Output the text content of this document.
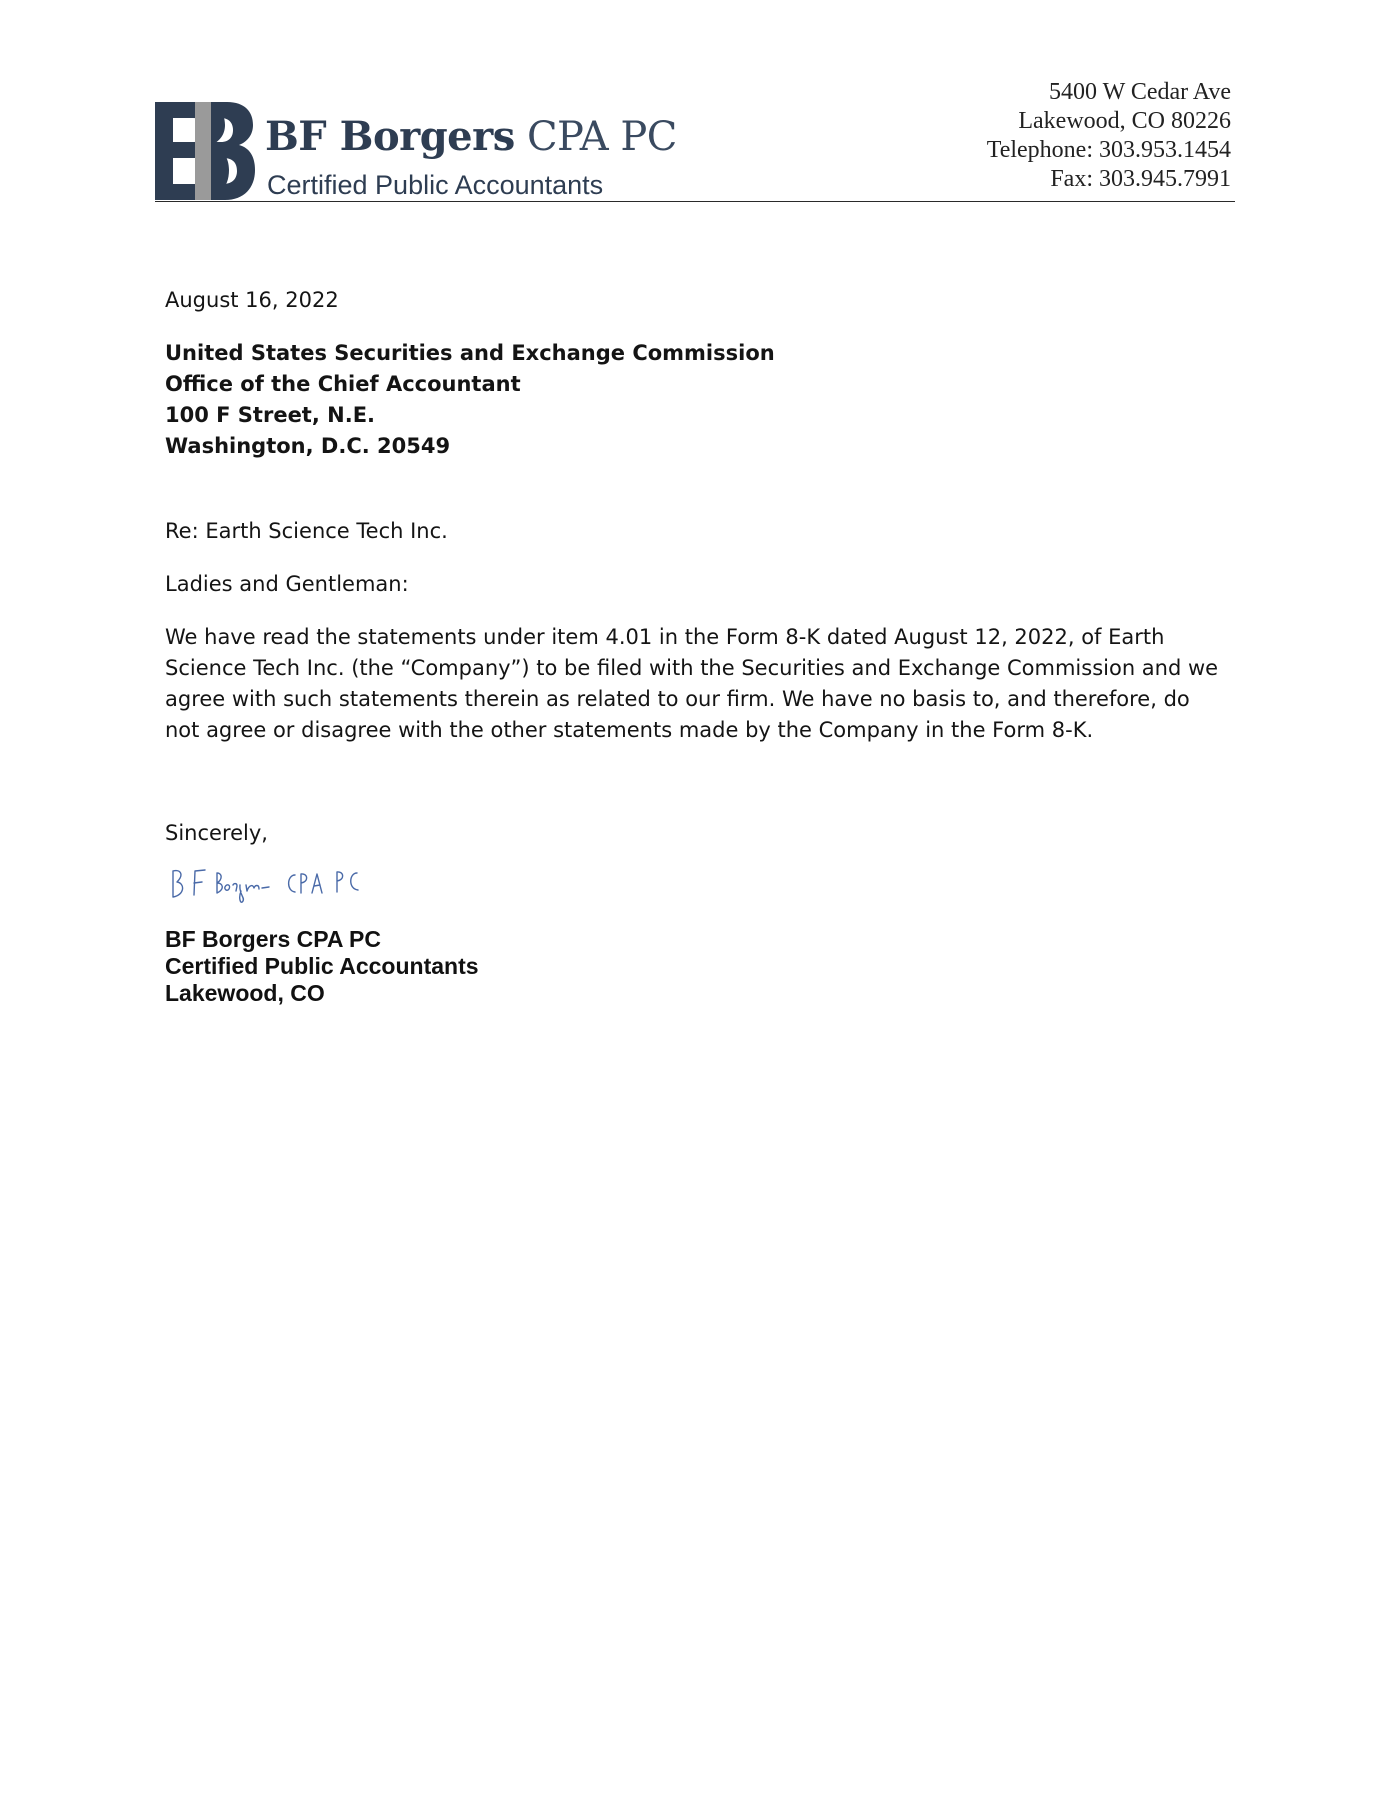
BF Borgers CPA PC
Certified Public Accountants
5400 W Cedar Ave
Lakewood, CO 80226
Telephone: 303.953.1454
Fax: 303.945.7991

August 16, 2022

United States Securities and Exchange Commission
Office of the Chief Accountant
100 F Street, N.E.
Washington, D.C. 20549

Re: Earth Science Tech Inc.

Ladies and Gentleman:

We have read the statements under item 4.01 in the Form 8-K dated August 12, 2022, of Earth Science Tech Inc. (the “Company”) to be filed with the Securities and Exchange Commission and we agree with such statements therein as related to our firm. We have no basis to, and therefore, do not agree or disagree with the other statements made by the Company in the Form 8-K.

Sincerely,

BF Borgers CPA PC
Certified Public Accountants
Lakewood, CO
